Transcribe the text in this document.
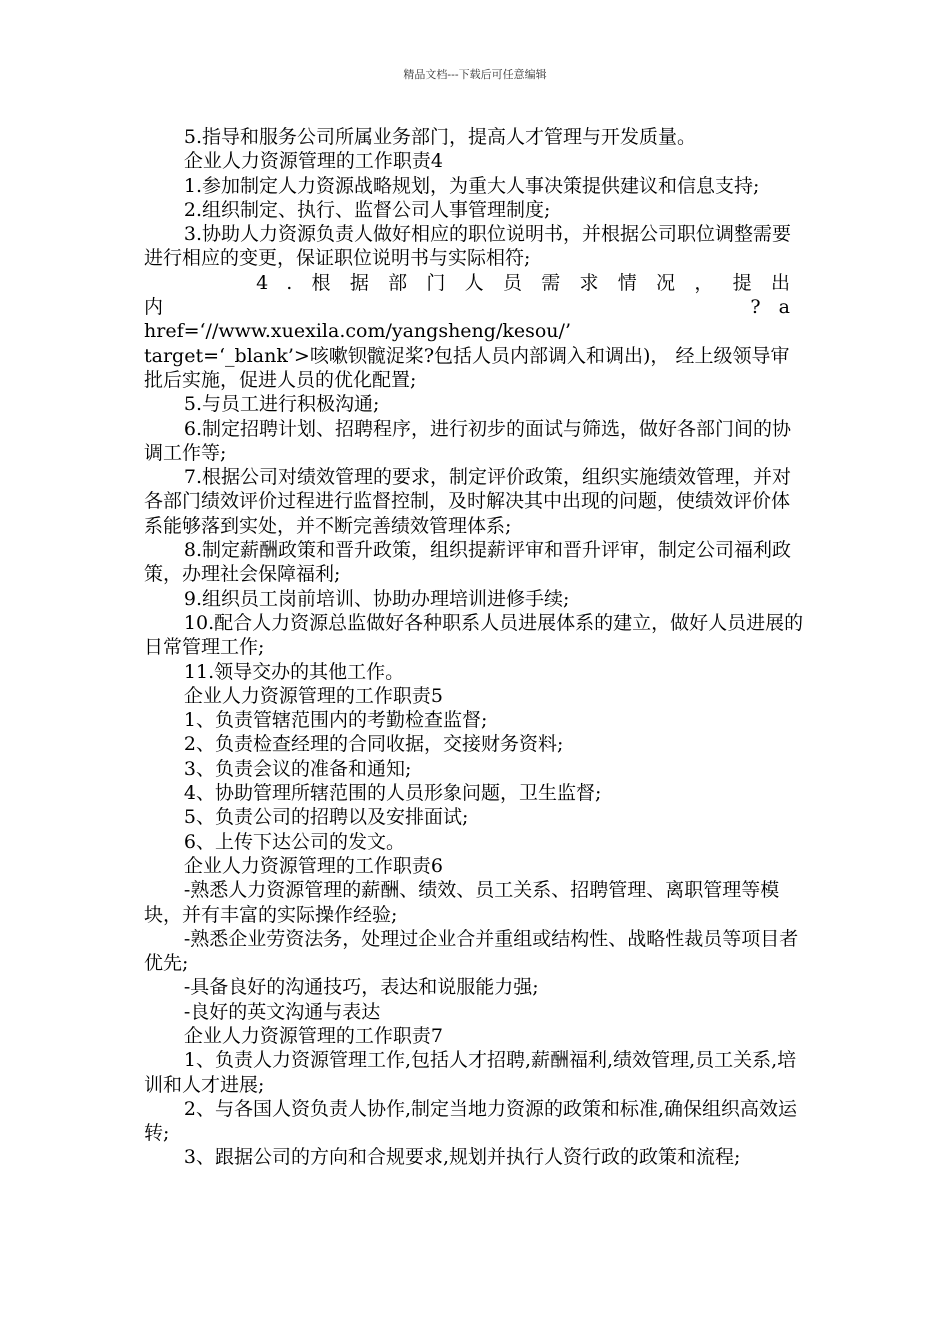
精品文档---下载后可任意编辑

5.指导和服务公司所属业务部门，提高人才管理与开发质量。

企业人力资源管理的工作职责4

1.参加制定人力资源战略规划，为重大人事决策提供建议和信息支持;

2.组织制定、执行、监督公司人事管理制度;

3.协助人力资源负责人做好相应的职位说明书，并根据公司职位调整需要进行相应的变更，保证职位说明书与实际相符;

4.根据部门人员需求情况，提出内?a

href=‘//www.xuexila.com/yangsheng/kesou/’

target=‘_blank’>咳嗽钡髋浞桨?包括人员内部调入和调出)， 经上级领导审批后实施，促进人员的优化配置;

5.与员工进行积极沟通;

6.制定招聘计划、招聘程序，进行初步的面试与筛选，做好各部门间的协调工作等;

7.根据公司对绩效管理的要求，制定评价政策，组织实施绩效管理，并对各部门绩效评价过程进行监督控制，及时解决其中出现的问题，使绩效评价体系能够落到实处，并不断完善绩效管理体系;

8.制定薪酬政策和晋升政策，组织提薪评审和晋升评审，制定公司福利政策，办理社会保障福利;

9.组织员工岗前培训、协助办理培训进修手续;

10.配合人力资源总监做好各种职系人员进展体系的建立，做好人员进展的日常管理工作;

11.领导交办的其他工作。

企业人力资源管理的工作职责5

1、负责管辖范围内的考勤检查监督;

2、负责检查经理的合同收据，交接财务资料;

3、负责会议的准备和通知;

4、协助管理所辖范围的人员形象问题，卫生监督;

5、负责公司的招聘以及安排面试;

6、上传下达公司的发文。

企业人力资源管理的工作职责6

-熟悉人力资源管理的薪酬、绩效、员工关系、招聘管理、离职管理等模块，并有丰富的实际操作经验;

-熟悉企业劳资法务，处理过企业合并重组或结构性、战略性裁员等项目者优先;

-具备良好的沟通技巧，表达和说服能力强;

-良好的英文沟通与表达

企业人力资源管理的工作职责7

1、负责人力资源管理工作,包括人才招聘,薪酬福利,绩效管理,员工关系,培训和人才进展;

2、与各国人资负责人协作,制定当地力资源的政策和标准,确保组织高效运转;

3、跟据公司的方向和合规要求,规划并执行人资行政的政策和流程;
